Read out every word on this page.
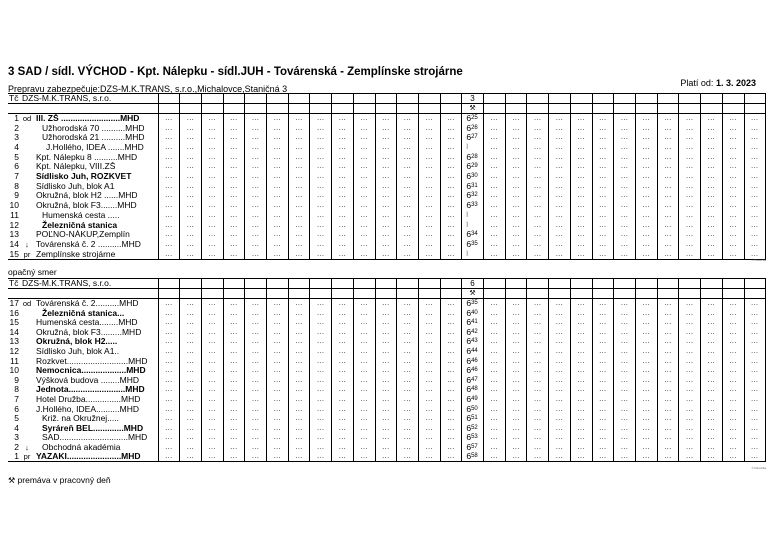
3 SAD / sídl. VÝCHOD - Kpt. Nálepku - sídl.JUH - Továrenská - Zemplínske strojárne
Platí od: 1. 3. 2023
Prepravu zabezpečuje:DZS-M.K.TRANS, s.r.o.,Michalovce,Staničná 3
Tč	DZS-M.K.TRANS, s.r.o.																3													
																	⚒													
1	od	Ill. ZŠ .........................MHD	...	...	...	...	...	...	...	...	...	...	...	...	...	...	$6^{25}$	...	...	...	...	...	...	...	...	...	...	...	...	...
2		Užhorodská 70 ..........MHD	...	...	...	...	...	...	...	...	...	...	...	...	...	...	$6^{26}$	...	...	...	...	...	...	...	...	...	...	...	...	...
3		Užhorodská 21 ..........MHD	...	...	...	...	...	...	...	...	...	...	...	...	...	...	$6^{27}$	...	...	...	...	...	...	...	...	...	...	...	...	...
4		J.Hollého, IDEA .......MHD	...	...	...	...	...	...	...	...	...	...	...	...	...	...	⦚	...	...	...	...	...	...	...	...	...	...	...	...	...
5		Kpt. Nálepku 8 ..........MHD	...	...	...	...	...	...	...	...	...	...	...	...	...	...	$6^{28}$	...	...	...	...	...	...	...	...	...	...	...	...	...
6		Kpt. Nálepku, VIII.ZŠ	...	...	...	...	...	...	...	...	...	...	...	...	...	...	$6^{29}$	...	...	...	...	...	...	...	...	...	...	...	...	...
7		Sídlisko Juh, ROZKVET	...	...	...	...	...	...	...	...	...	...	...	...	...	...	$6^{30}$	...	...	...	...	...	...	...	...	...	...	...	...	...
8		Sídlisko Juh, blok A1	...	...	...	...	...	...	...	...	...	...	...	...	...	...	$6^{31}$	...	...	...	...	...	...	...	...	...	...	...	...	...
9		Okružná, blok H2 ......MHD	...	...	...	...	...	...	...	...	...	...	...	...	...	...	$6^{32}$	...	...	...	...	...	...	...	...	...	...	...	...	...
10		Okružná, blok F3.......MHD	...	...	...	...	...	...	...	...	...	...	...	...	...	...	$6^{33}$	...	...	...	...	...	...	...	...	...	...	...	...	...
11		Humenská cesta .....	...	...	...	...	...	...	...	...	...	...	...	...	...	...	⦚	...	...	...	...	...	...	...	...	...	...	...	...	...
12		Železničná stanica	...	...	...	...	...	...	...	...	...	...	...	...	...	...	⦚	...	...	...	...	...	...	...	...	...	...	...	...	...
13		POĽNO-NÁKUP,Zemplín	...	...	...	...	...	...	...	...	...	...	...	...	...	...	$6^{34}$	...	...	...	...	...	...	...	...	...	...	...	...	...
14	↓	Továrenská č. 2 ..........MHD	...	...	...	...	...	...	...	...	...	...	...	...	...	...	$6^{35}$	...	...	...	...	...	...	...	...	...	...	...	...	...
15	pr	Zemplínske strojárne	...	...	...	...	...	...	...	...	...	...	...	...	...	...	⦚	...	...	...	...	...	...	...	...	...	...	...	...	...
© Pavočka
opačný smer
Tč	DZS-M.K.TRANS, s.r.o.																6													
																	⚒													
17	od	Továrenská č. 2..........MHD	...	...	...	...	...	...	...	...	...	...	...	...	...	...	$6^{35}$	...	...	...	...	...	...	...	...	...	...	...	...	...
16		Železničná stanica...	...	...	...	...	...	...	...	...	...	...	...	...	...	...	$6^{40}$	...	...	...	...	...	...	...	...	...	...	...	...	...
15		Humenská cesta........MHD	...	...	...	...	...	...	...	...	...	...	...	...	...	...	$6^{41}$	...	...	...	...	...	...	...	...	...	...	...	...	...
14		Okružná, blok F3.........MHD	...	...	...	...	...	...	...	...	...	...	...	...	...	...	$6^{42}$	...	...	...	...	...	...	...	...	...	...	...	...	...
13		Okružná, blok H2.....	...	...	...	...	...	...	...	...	...	...	...	...	...	...	$6^{43}$	...	...	...	...	...	...	...	...	...	...	...	...	...
12		Sídlisko Juh, blok A1..	...	...	...	...	...	...	...	...	...	...	...	...	...	...	$6^{44}$	...	...	...	...	...	...	...	...	...	...	...	...	...
11		Rozkvet..........................MHD	...	...	...	...	...	...	...	...	...	...	...	...	...	...	$6^{46}$	...	...	...	...	...	...	...	...	...	...	...	...	...
10		Nemocnica...................MHD	...	...	...	...	...	...	...	...	...	...	...	...	...	...	$6^{46}$	...	...	...	...	...	...	...	...	...	...	...	...	...
9		Výšková budova ........MHD	...	...	...	...	...	...	...	...	...	...	...	...	...	...	$6^{47}$	...	...	...	...	...	...	...	...	...	...	...	...	...
8		Jednota........................MHD	...	...	...	...	...	...	...	...	...	...	...	...	...	...	$6^{48}$	...	...	...	...	...	...	...	...	...	...	...	...	...
7		Hotel Družba...............MHD	...	...	...	...	...	...	...	...	...	...	...	...	...	...	$6^{49}$	...	...	...	...	...	...	...	...	...	...	...	...	...
6		J.Hollého, IDEA..........MHD	...	...	...	...	...	...	...	...	...	...	...	...	...	...	$6^{50}$	...	...	...	...	...	...	...	...	...	...	...	...	...
5		Križ. na Okružnej.....	...	...	...	...	...	...	...	...	...	...	...	...	...	...	$6^{51}$	...	...	...	...	...	...	...	...	...	...	...	...	...
4		Syráreň BEL.............MHD	...	...	...	...	...	...	...	...	...	...	...	...	...	...	$6^{52}$	...	...	...	...	...	...	...	...	...	...	...	...	...
3		SAD.............................MHD	...	...	...	...	...	...	...	...	...	...	...	...	...	...	$6^{53}$	...	...	...	...	...	...	...	...	...	...	...	...	...
2	↓	Obchodná akadémia	...	...	...	...	...	...	...	...	...	...	...	...	...	...	$6^{57}$	...	...	...	...	...	...	...	...	...	...	...	...	...
1	pr	YAZAKI.......................MHD	...	...	...	...	...	...	...	...	...	...	...	...	...	...	$6^{58}$	...	...	...	...	...	...	...	...	...	...	...	...	...
© Pavočka
⚒ premáva v pracovný deň
